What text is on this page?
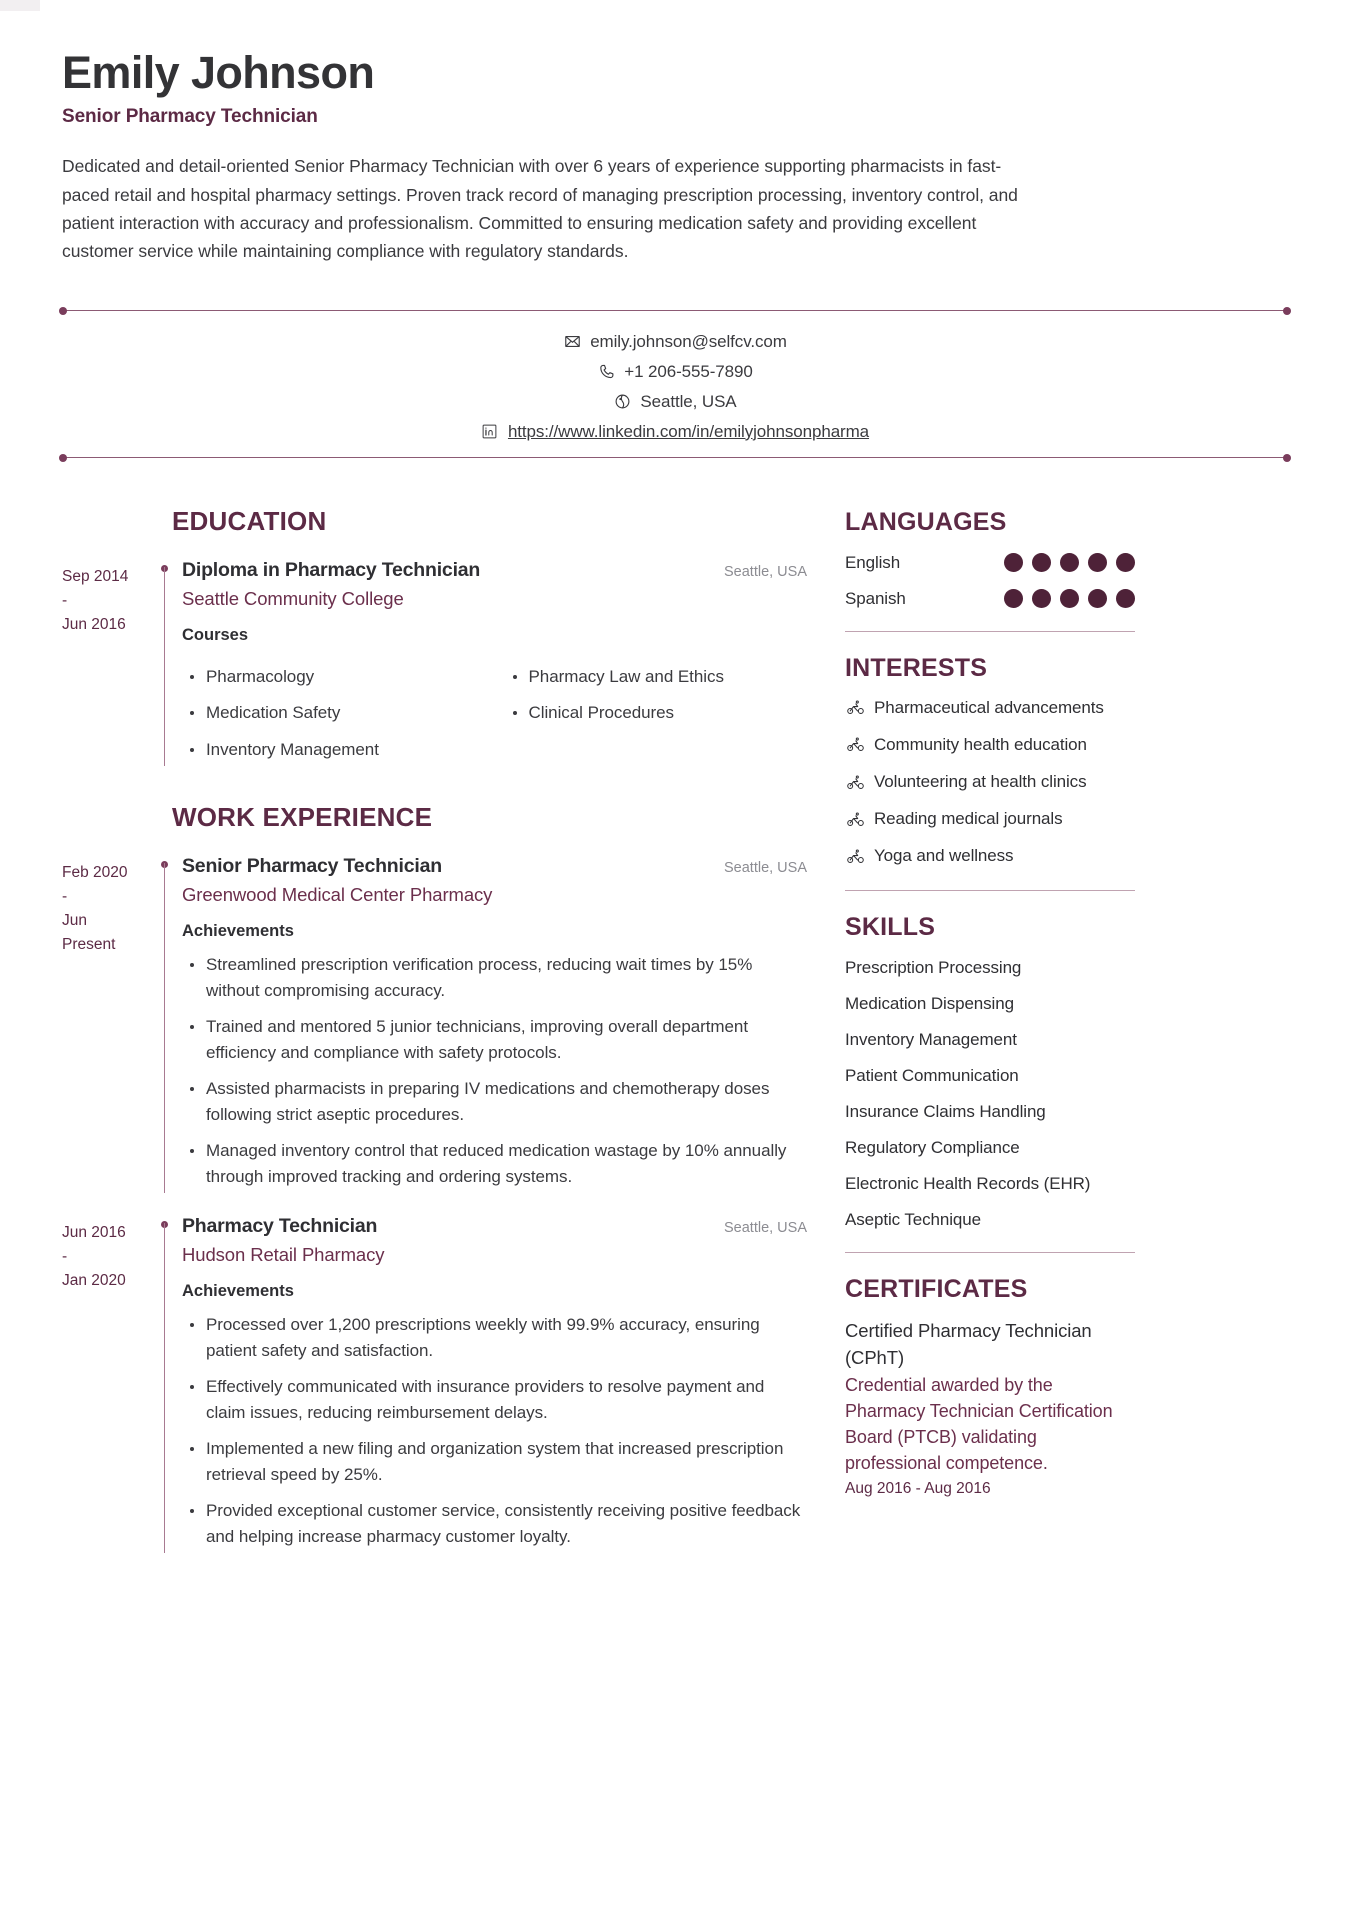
Emily Johnson
Senior Pharmacy Technician

Dedicated and detail-oriented Senior Pharmacy Technician with over 6 years of experience supporting pharmacists in fast-paced retail and hospital pharmacy settings. Proven track record of managing prescription processing, inventory control, and patient interaction with accuracy and professionalism. Committed to ensuring medication safety and providing excellent customer service while maintaining compliance with regulatory standards.

emily.johnson@selfcv.com
+1 206-555-7890
Seattle, USA
https://www.linkedin.com/in/emilyjohnsonpharma
EDUCATION
Sep 2014
-
Jun 2016
Diploma in Pharmacy Technician	Seattle, USA
Seattle Community College
Courses
Pharmacology	Pharmacy Law and Ethics
Medication Safety	Clinical Procedures
Inventory Management
WORK EXPERIENCE
Feb 2020
-
Jun
Present
Senior Pharmacy Technician	Seattle, USA
Greenwood Medical Center Pharmacy
Achievements
Streamlined prescription verification process, reducing wait times by 15% without compromising accuracy.
Trained and mentored 5 junior technicians, improving overall department efficiency and compliance with safety protocols.
Assisted pharmacists in preparing IV medications and chemotherapy doses following strict aseptic procedures.
Managed inventory control that reduced medication wastage by 10% annually through improved tracking and ordering systems.
Jun 2016
-
Jan 2020
Pharmacy Technician	Seattle, USA
Hudson Retail Pharmacy
Achievements
Processed over 1,200 prescriptions weekly with 99.9% accuracy, ensuring patient safety and satisfaction.
Effectively communicated with insurance providers to resolve payment and claim issues, reducing reimbursement delays.
Implemented a new filing and organization system that increased prescription retrieval speed by 25%.
Provided exceptional customer service, consistently receiving positive feedback and helping increase pharmacy customer loyalty.
LANGUAGES
English
Spanish
INTERESTS
Pharmaceutical advancements
Community health education
Volunteering at health clinics
Reading medical journals
Yoga and wellness
SKILLS
Prescription Processing
Medication Dispensing
Inventory Management
Patient Communication
Insurance Claims Handling
Regulatory Compliance
Electronic Health Records (EHR)
Aseptic Technique
CERTIFICATES
Certified Pharmacy Technician (CPhT)
Credential awarded by the Pharmacy Technician Certification Board (PTCB) validating professional competence.
Aug 2016 - Aug 2016
